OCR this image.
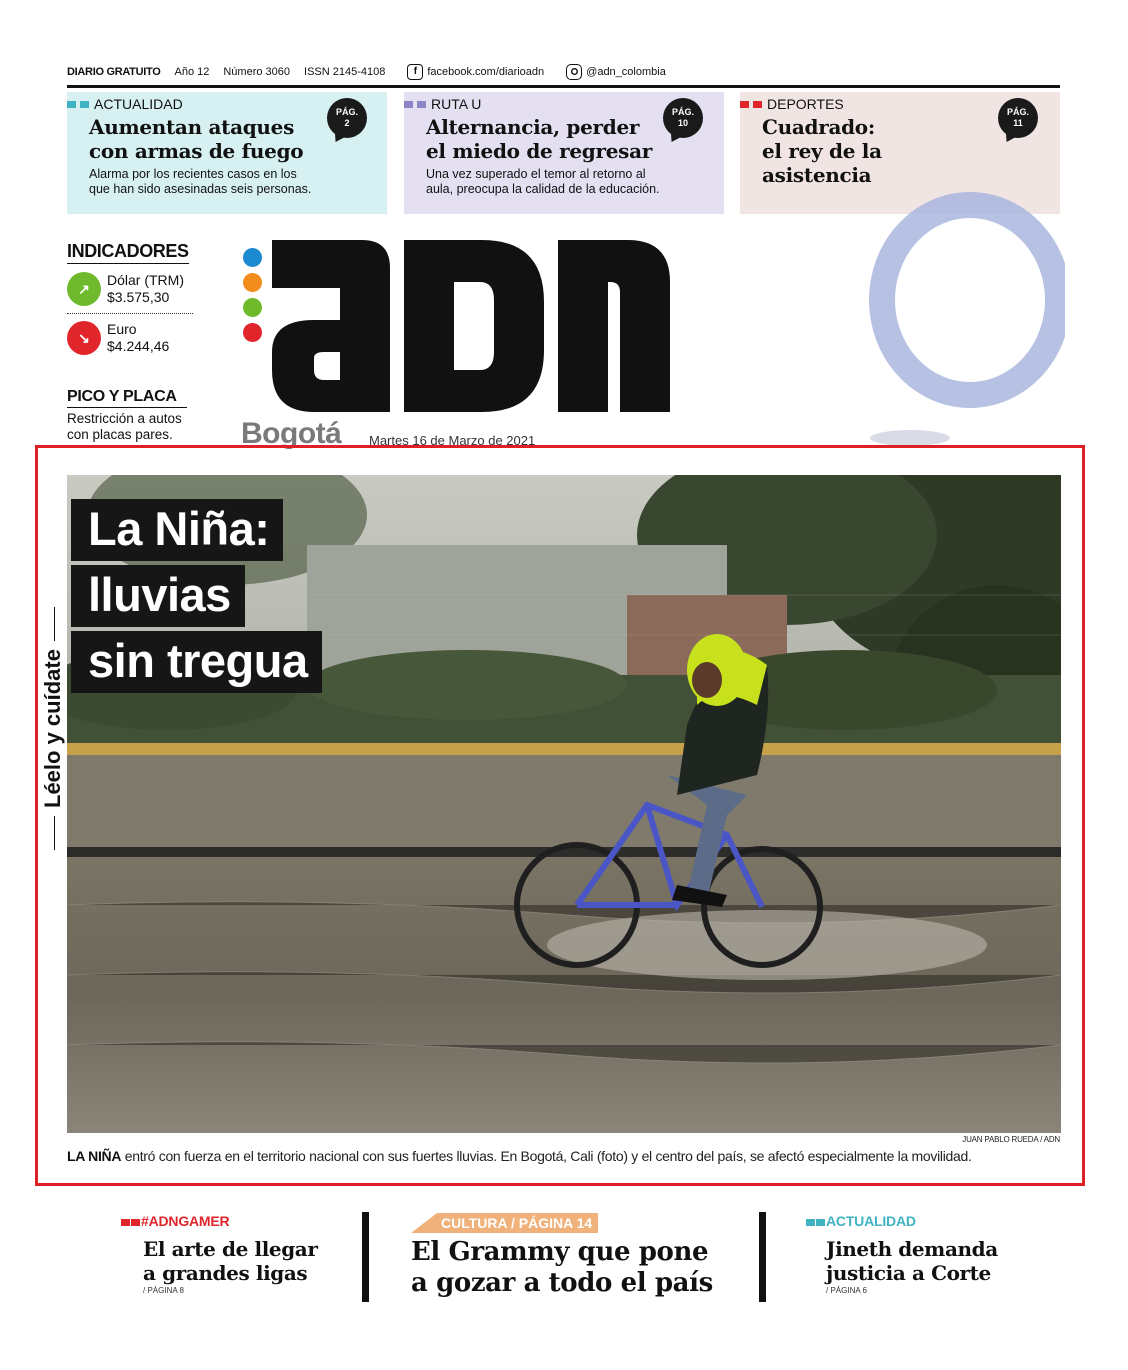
DIARIO GRATUITO Año 12 Número 3060 ISSN 2145-4108	f facebook.com/diarioadn	@adn_colombia
ACTUALIDAD
Aumentan ataques
con armas de fuego

Alarma por los recientes casos en los
que han sido asesinadas seis personas.

PÁG.
2
RUTA U
Alternancia, perder
el miedo de regresar

Una vez superado el temor al retorno al
aula, preocupa la calidad de la educación.

PÁG.
10
DEPORTES
Cuadrado:
el rey de la
asistencia
PÁG.
11
INDICADORES
↗
Dólar (TRM)
$3.575,30
↘
Euro
$4.244,46
PICO Y PLACA
Restricción a autos
con placas pares.	Bogotá Martes 16 de Marzo de 2021
La Niña:
lluvias
sin tregua
Léelo y cuídate
JUAN PABLO RUEDA / ADN
LA NIÑA entró con fuerza en el territorio nacional con sus fuertes lluvias. En Bogotá, Cali (foto) y el centro del país, se afectó especialmente la movilidad.
#ADNGAMER
El arte de llegar
a grandes ligas
/ PÁGINA 8
CULTURA / PÁGINA 14
El Grammy que pone
a gozar a todo el país
ACTUALIDAD
Jineth demanda
justicia a Corte
/ PÁGINA 6
